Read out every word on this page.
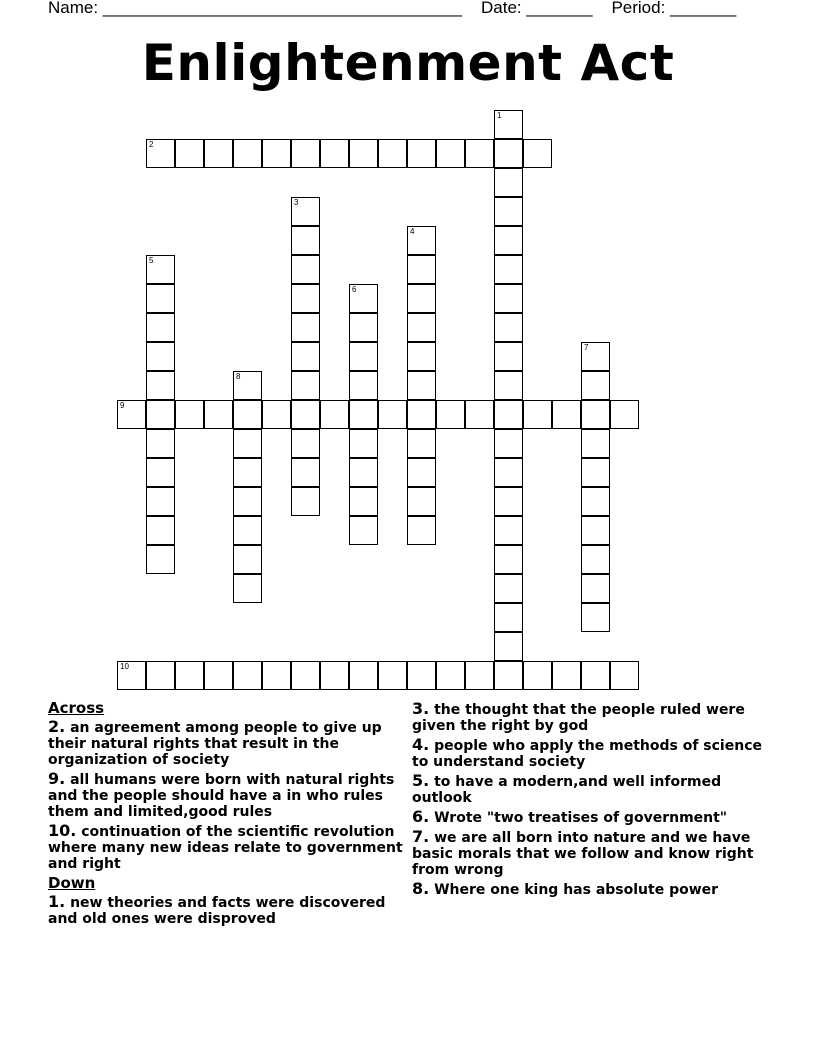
Name: ______________________________________ Date: _______ Period: _______
Enlightenment Act
2
9
10
1
3
4
5
6
7
8
Across
2. an agreement among people to give up their natural rights that result in the organization of society
9. all humans were born with natural rights and the people should have a in who rules them and limited,good rules
10. continuation of the scientific revolution where many new ideas relate to government and right
Down
1. new theories and facts were discovered and old ones were disproved
3. the thought that the people ruled were given the right by god
4. people who apply the methods of science to understand society
5. to have a modern,and well informed outlook
6. Wrote "two treatises of government"
7. we are all born into nature and we have basic morals that we follow and know right from wrong
8. Where one king has absolute power
